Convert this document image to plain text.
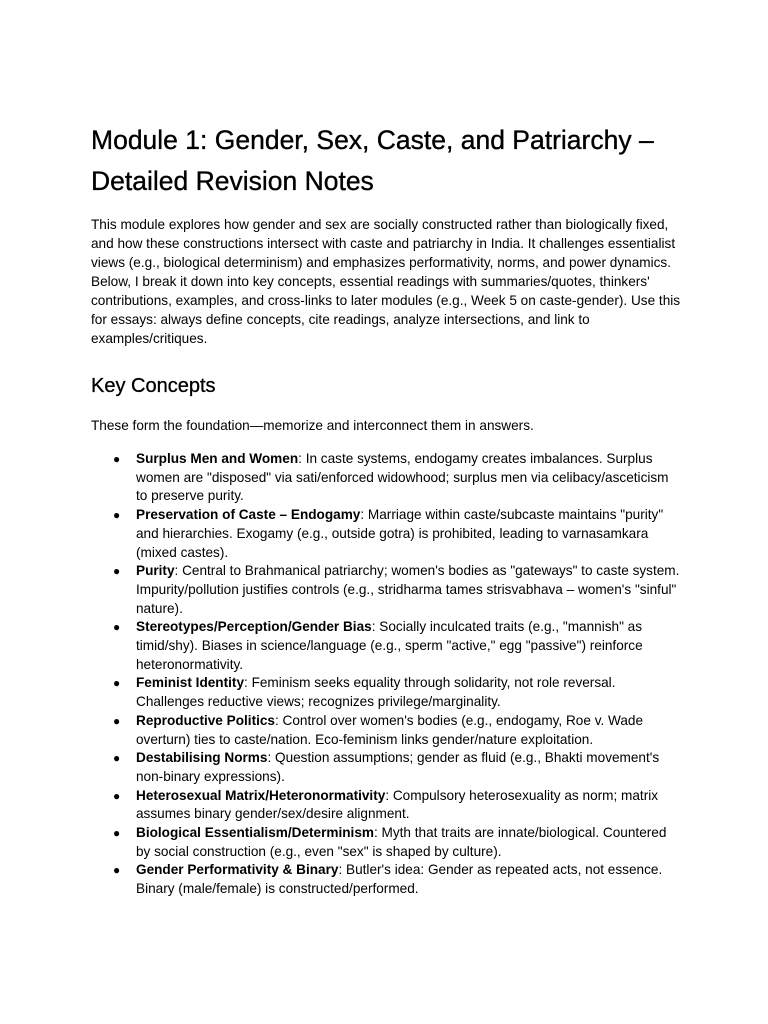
Module 1: Gender, Sex, Caste, and Patriarchy – Detailed Revision Notes

This module explores how gender and sex are socially constructed rather than biologically fixed, and how these constructions intersect with caste and patriarchy in India. It challenges essentialist views (e.g., biological determinism) and emphasizes performativity, norms, and power dynamics. Below, I break it down into key concepts, essential readings with summaries/quotes, thinkers' contributions, examples, and cross-links to later modules (e.g., Week 5 on caste-gender). Use this for essays: always define concepts, cite readings, analyze intersections, and link to examples/critiques.

Key Concepts

These form the foundation—memorize and interconnect them in answers.

● Surplus Men and Women: In caste systems, endogamy creates imbalances. Surplus women are "disposed" via sati/enforced widowhood; surplus men via celibacy/asceticism to preserve purity.
● Preservation of Caste – Endogamy: Marriage within caste/subcaste maintains "purity" and hierarchies. Exogamy (e.g., outside gotra) is prohibited, leading to varnasamkara (mixed castes).
● Purity: Central to Brahmanical patriarchy; women's bodies as "gateways" to caste system. Impurity/pollution justifies controls (e.g., stridharma tames strisvabhava – women's "sinful" nature).
● Stereotypes/Perception/Gender Bias: Socially inculcated traits (e.g., "mannish" as timid/shy). Biases in science/language (e.g., sperm "active," egg "passive") reinforce heteronormativity.
● Feminist Identity: Feminism seeks equality through solidarity, not role reversal. Challenges reductive views; recognizes privilege/marginality.
● Reproductive Politics: Control over women's bodies (e.g., endogamy, Roe v. Wade overturn) ties to caste/nation. Eco-feminism links gender/nature exploitation.
● Destabilising Norms: Question assumptions; gender as fluid (e.g., Bhakti movement's non-binary expressions).
● Heterosexual Matrix/Heteronormativity: Compulsory heterosexuality as norm; matrix assumes binary gender/sex/desire alignment.
● Biological Essentialism/Determinism: Myth that traits are innate/biological. Countered by social construction (e.g., even "sex" is shaped by culture).
● Gender Performativity & Binary: Butler's idea: Gender as repeated acts, not essence. Binary (male/female) is constructed/performed.
